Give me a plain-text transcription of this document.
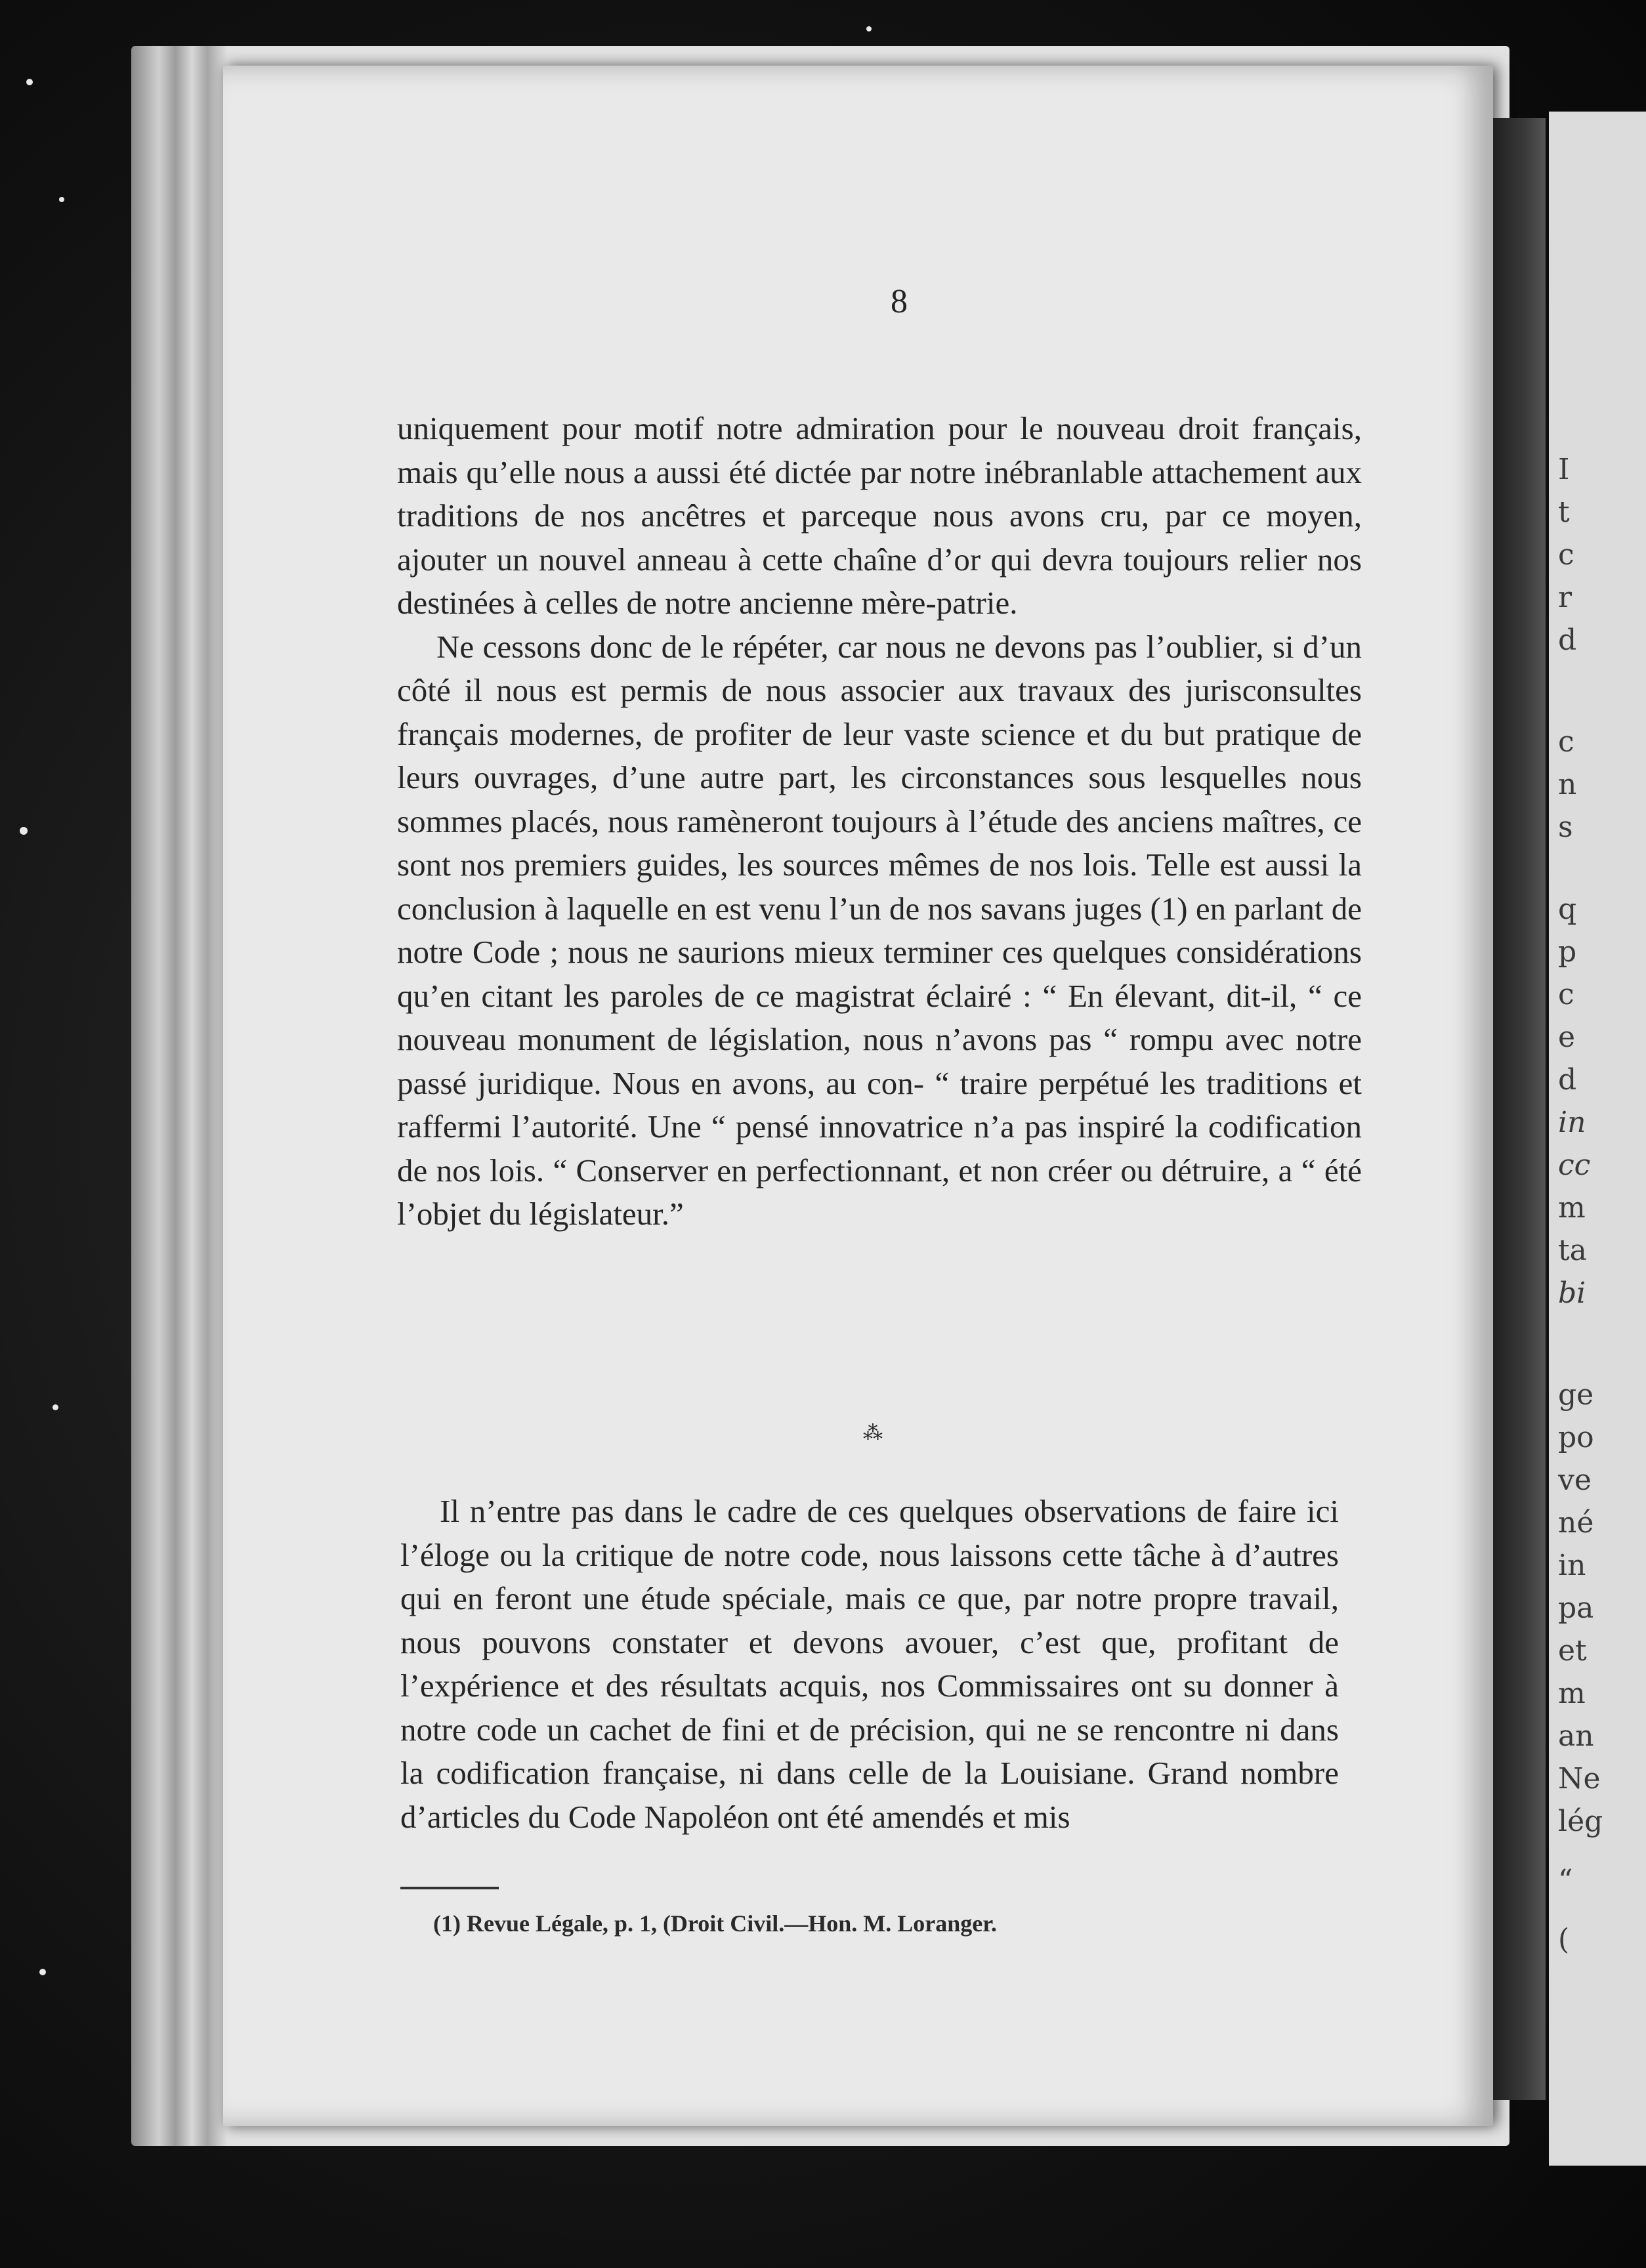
I
t
c
r
d
c
n
s
q
p
c
e
d
in
cc
m
ta
bi
ge
po
ve
né
in
pa
et
m
an
Ne
lég
“
(
8

uniquement pour motif notre admiration pour le nouveau droit français, mais qu’elle nous a aussi été dictée par notre inébranlable attachement aux traditions de nos ancêtres et parceque nous avons cru, par ce moyen, ajouter un nouvel anneau à cette chaîne d’or qui devra toujours relier nos destinées à celles de notre ancienne mère-patrie.

Ne cessons donc de le répéter, car nous ne devons pas l’oublier, si d’un côté il nous est permis de nous associer aux travaux des jurisconsultes français modernes, de profiter de leur vaste science et du but pratique de leurs ouvrages, d’une autre part, les circonstances sous lesquelles nous sommes placés, nous ramèneront toujours à l’étude des anciens maîtres, ce sont nos premiers guides, les sources mêmes de nos lois. Telle est aussi la conclusion à laquelle en est venu l’un de nos savans juges (1) en parlant de notre Code ; nous ne saurions mieux terminer ces quelques considérations qu’en citant les paroles de ce magistrat éclairé : “ En élevant, dit-il, “ ce nouveau monument de législation, nous n’avons pas “ rompu avec notre passé juridique. Nous en avons, au con- “ traire perpétué les traditions et raffermi l’autorité. Une “ pensé innovatrice n’a pas inspiré la codification de nos lois. “ Conserver en perfectionnant, et non créer ou détruire, a “ été l’objet du législateur.”

⁂

Il n’entre pas dans le cadre de ces quelques observations de faire ici l’éloge ou la critique de notre code, nous laissons cette tâche à d’autres qui en feront une étude spéciale, mais ce que, par notre propre travail, nous pouvons constater et devons avouer, c’est que, profitant de l’expérience et des résultats acquis, nos Commissaires ont su donner à notre code un cachet de fini et de précision, qui ne se rencontre ni dans la codification française, ni dans celle de la Louisiane. Grand nombre d’articles du Code Napoléon ont été amendés et mis

(1) Revue Légale, p. 1, (Droit Civil.—Hon. M. Loranger.
